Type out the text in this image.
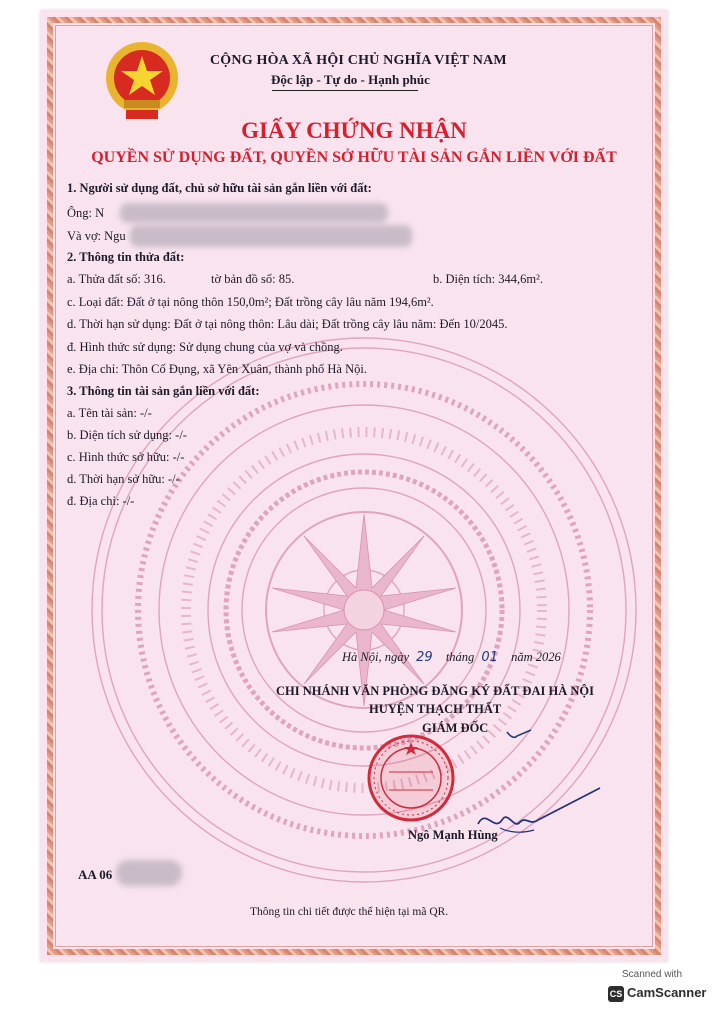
CỘNG HÒA XÃ HỘI CHỦ NGHĨA VIỆT NAM
Độc lập - Tự do - Hạnh phúc
GIẤY CHỨNG NHẬN
QUYỀN SỬ DỤNG ĐẤT, QUYỀN SỞ HỮU TÀI SẢN GẮN LIỀN VỚI ĐẤT
1. Người sử dụng đất, chủ sở hữu tài sản gắn liền với đất:
Ông: N
Và vợ: Ngu
2. Thông tin thửa đất:
a. Thửa đất số: 316.	tờ bản đồ số: 85.	b. Diện tích: 344,6m².
c. Loại đất: Đất ở tại nông thôn 150,0m²; Đất trồng cây lâu năm 194,6m².
d. Thời hạn sử dụng: Đất ở tại nông thôn: Lâu dài; Đất trồng cây lâu năm: Đến 10/2045.
đ. Hình thức sử dụng: Sử dụng chung của vợ và chồng.
e. Địa chỉ: Thôn Cố Đụng, xã Yên Xuân, thành phố Hà Nội.
3. Thông tin tài sản gắn liền với đất:
a. Tên tài sản: -/-
b. Diện tích sử dụng: -/-
c. Hình thức sở hữu: -/-
d. Thời hạn sở hữu: -/-
đ. Địa chỉ: -/-
Hà Nội, ngày 29 tháng 01 năm 2026
CHI NHÁNH VĂN PHÒNG ĐĂNG KÝ ĐẤT ĐAI HÀ NỘI
HUYỆN THẠCH THẤT
GIÁM ĐỐC
Ngô Mạnh Hùng
AA 06
Thông tin chi tiết được thể hiện tại mã QR.
Scanned with
CS CamScanner
